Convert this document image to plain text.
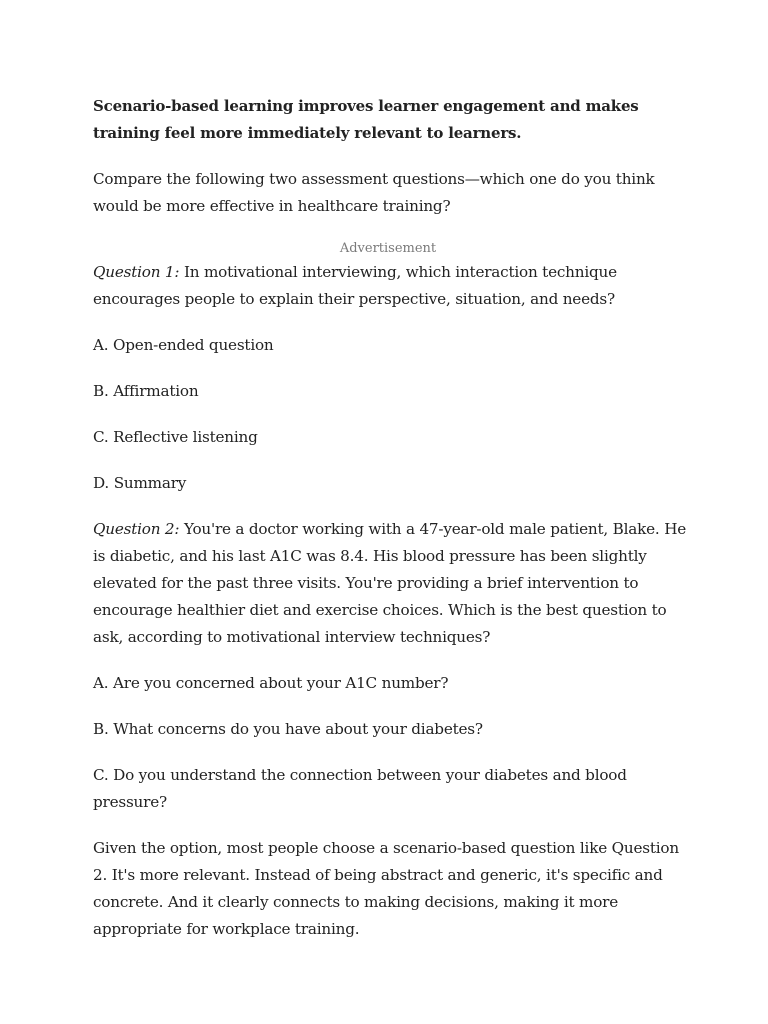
Scenario-based learning improves learner engagement and makes training feel more immediately relevant to learners.

Compare the following two assessment questions—which one do you think would be more effective in healthcare training?

Advertisement

Question 1: In motivational interviewing, which interaction technique encourages people to explain their perspective, situation, and needs?

A. Open-ended question

B. Affirmation

C. Reflective listening

D. Summary

Question 2: You're a doctor working with a 47-year-old male patient, Blake. He is diabetic, and his last A1C was 8.4. His blood pressure has been slightly elevated for the past three visits. You're providing a brief intervention to encourage healthier diet and exercise choices. Which is the best question to ask, according to motivational interview techniques?

A. Are you concerned about your A1C number?

B. What concerns do you have about your diabetes?

C. Do you understand the connection between your diabetes and blood pressure?

Given the option, most people choose a scenario-based question like Question 2. It's more relevant. Instead of being abstract and generic, it's specific and concrete. And it clearly connects to making decisions, making it more appropriate for workplace training.
